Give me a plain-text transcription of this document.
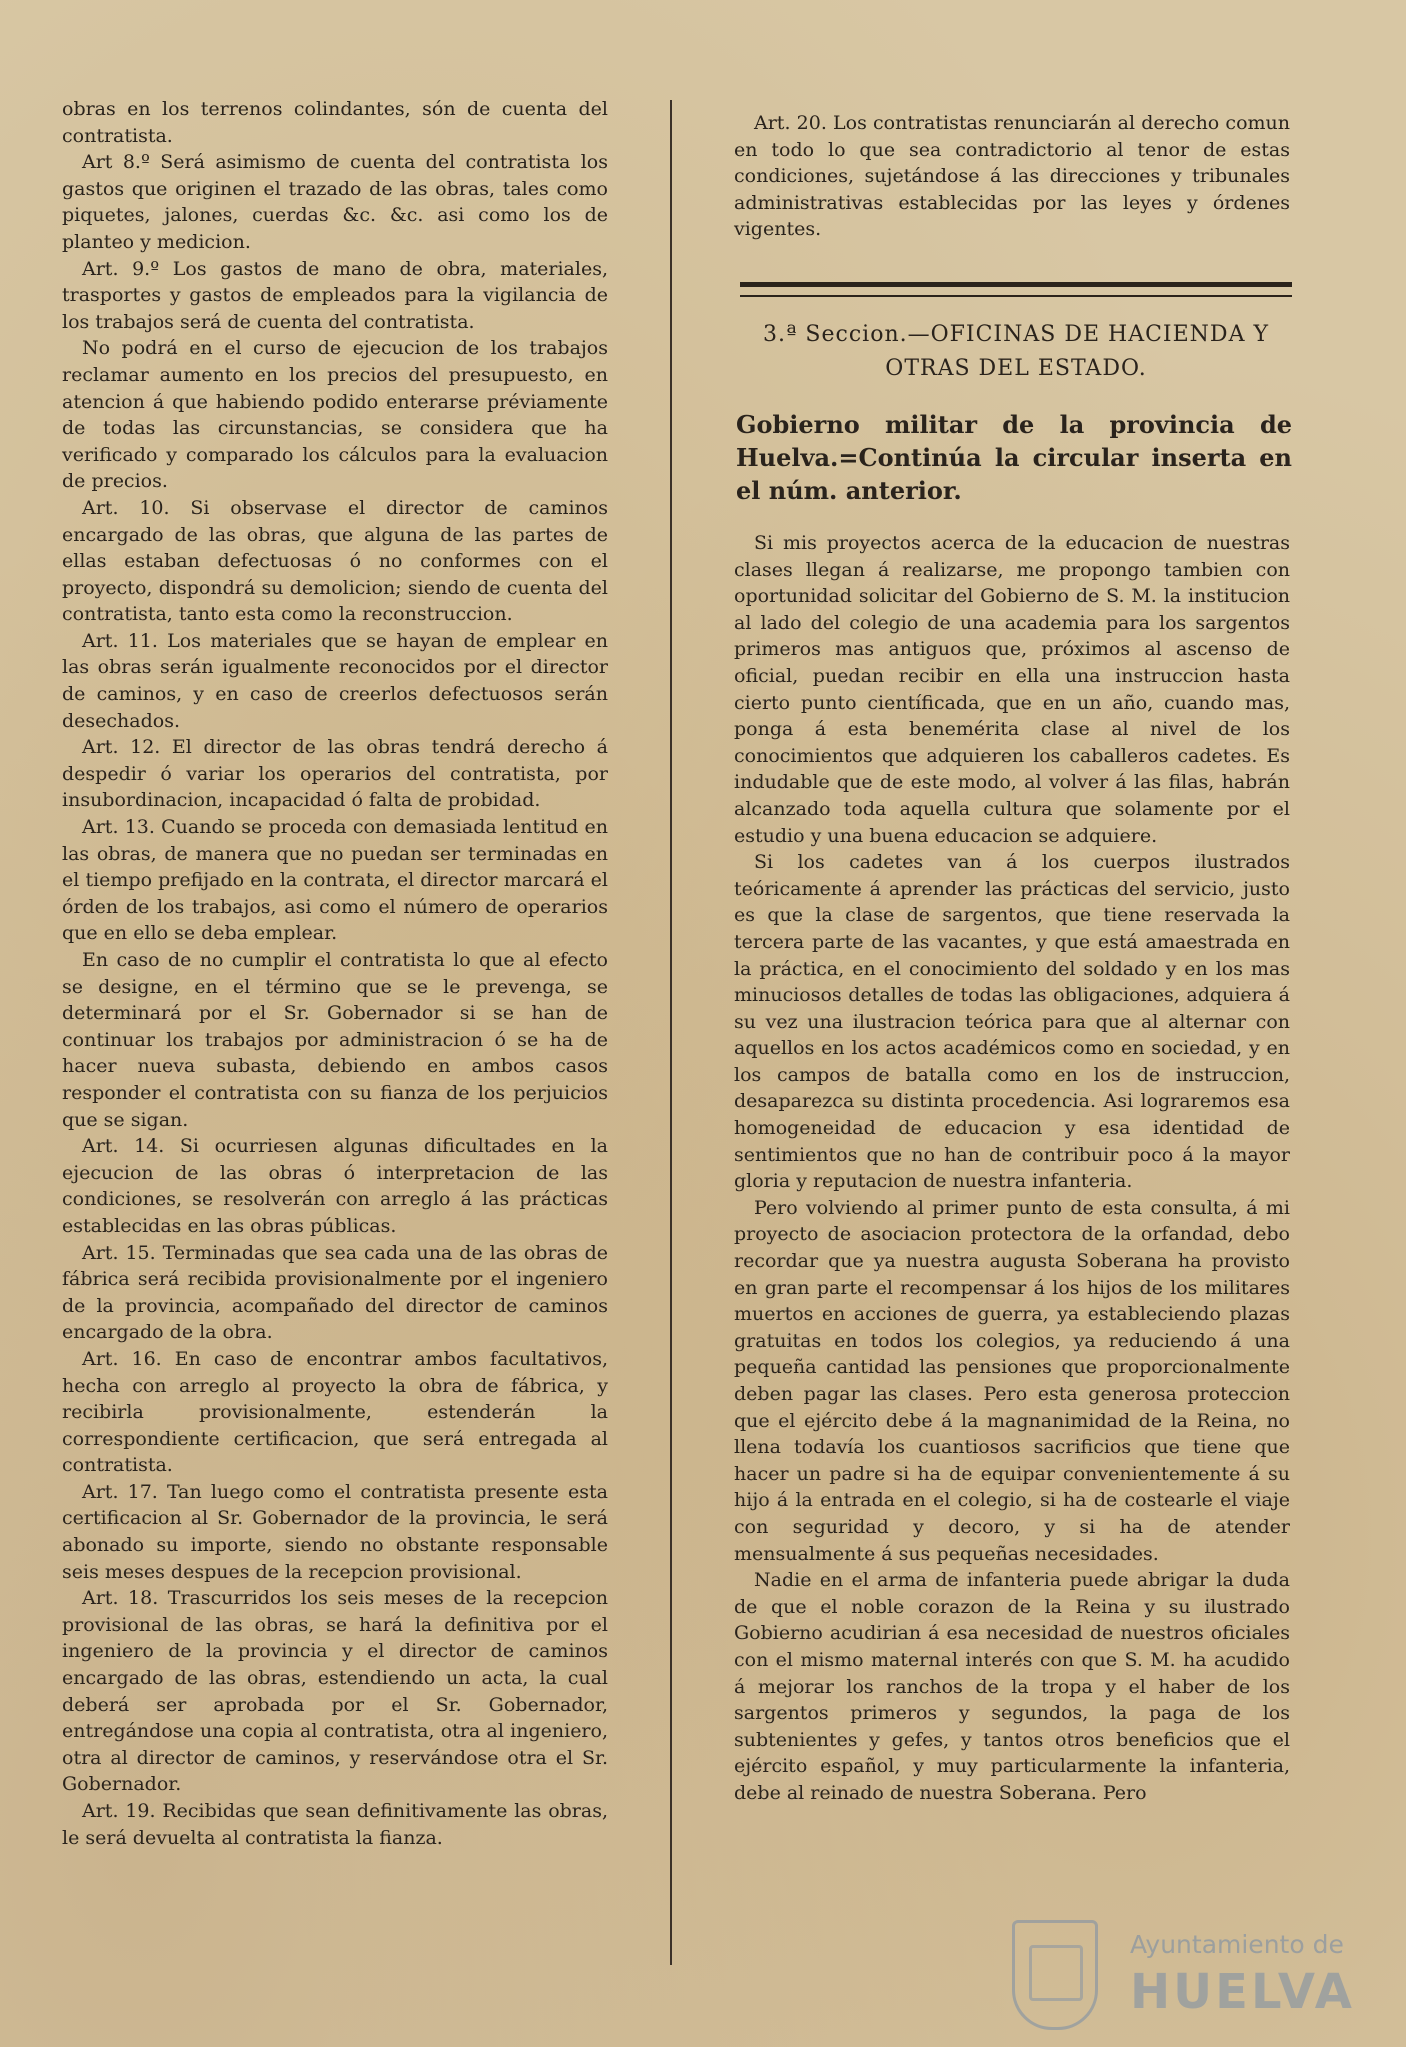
obras en los terrenos colindantes, són de cuenta del contratista.

Art 8.º Será asimismo de cuenta del contratista los gastos que originen el trazado de las obras, tales como piquetes, jalones, cuerdas &c. &c. asi como los de planteo y medicion.

Art. 9.º Los gastos de mano de obra, materiales, trasportes y gastos de empleados para la vigilancia de los trabajos será de cuenta del contratista.

No podrá en el curso de ejecucion de los trabajos reclamar aumento en los precios del presupuesto, en atencion á que habiendo podido enterarse préviamente de todas las circunstancias, se considera que ha verificado y comparado los cálculos para la evaluacion de precios.

Art. 10. Si observase el director de caminos encargado de las obras, que alguna de las partes de ellas estaban defectuosas ó no conformes con el proyecto, dispondrá su demolicion; siendo de cuenta del contratista, tanto esta como la reconstruccion.

Art. 11. Los materiales que se hayan de emplear en las obras serán igualmente reconocidos por el director de caminos, y en caso de creerlos defectuosos serán desechados.

Art. 12. El director de las obras tendrá derecho á despedir ó variar los operarios del contratista, por insubordinacion, incapacidad ó falta de probidad.

Art. 13. Cuando se proceda con demasiada lentitud en las obras, de manera que no puedan ser terminadas en el tiempo prefijado en la contrata, el director marcará el órden de los trabajos, asi como el número de operarios que en ello se deba emplear.

En caso de no cumplir el contratista lo que al efecto se designe, en el término que se le prevenga, se determinará por el Sr. Gobernador si se han de continuar los trabajos por administracion ó se ha de hacer nueva subasta, debiendo en ambos casos responder el contratista con su fianza de los perjuicios que se sigan.

Art. 14. Si ocurriesen algunas dificultades en la ejecucion de las obras ó interpretacion de las condiciones, se resolverán con arreglo á las prácticas establecidas en las obras públicas.

Art. 15. Terminadas que sea cada una de las obras de fábrica será recibida provisionalmente por el ingeniero de la provincia, acompañado del director de caminos encargado de la obra.

Art. 16. En caso de encontrar ambos facultativos, hecha con arreglo al proyecto la obra de fábrica, y recibirla provisionalmente, estenderán la correspondiente certificacion, que será entregada al contratista.

Art. 17. Tan luego como el contratista presente esta certificacion al Sr. Gobernador de la provincia, le será abonado su importe, siendo no obstante responsable seis meses despues de la recepcion provisional.

Art. 18. Trascurridos los seis meses de la recepcion provisional de las obras, se hará la definitiva por el ingeniero de la provincia y el director de caminos encargado de las obras, estendiendo un acta, la cual deberá ser aprobada por el Sr. Gobernador, entregándose una copia al contratista, otra al ingeniero, otra al director de caminos, y reservándose otra el Sr. Gobernador.

Art. 19. Recibidas que sean definitivamente las obras, le será devuelta al contratista la fianza.

Art. 20. Los contratistas renunciarán al derecho comun en todo lo que sea contradictorio al tenor de estas condiciones, sujetándose á las direcciones y tribunales administrativas establecidas por las leyes y órdenes vigentes.

3.ª Seccion.—OFICINAS DE HACIENDA Y OTRAS DEL ESTADO.
Gobierno militar de la provincia de Huelva.=Continúa la circular inserta en el núm. anterior.

Si mis proyectos acerca de la educacion de nuestras clases llegan á realizarse, me propongo tambien con oportunidad solicitar del Gobierno de S. M. la institucion al lado del colegio de una academia para los sargentos primeros mas antiguos que, próximos al ascenso de oficial, puedan recibir en ella una instruccion hasta cierto punto científicada, que en un año, cuando mas, ponga á esta benemérita clase al nivel de los conocimientos que adquieren los caballeros cadetes. Es indudable que de este modo, al volver á las filas, habrán alcanzado toda aquella cultura que solamente por el estudio y una buena educacion se adquiere.

Si los cadetes van á los cuerpos ilustrados teóricamente á aprender las prácticas del servicio, justo es que la clase de sargentos, que tiene reservada la tercera parte de las vacantes, y que está amaestrada en la práctica, en el conocimiento del soldado y en los mas minuciosos detalles de todas las obligaciones, adquiera á su vez una ilustracion teórica para que al alternar con aquellos en los actos académicos como en sociedad, y en los campos de batalla como en los de instruccion, desaparezca su distinta procedencia. Asi lograremos esa homogeneidad de educacion y esa identidad de sentimientos que no han de contribuir poco á la mayor gloria y reputacion de nuestra infanteria.

Pero volviendo al primer punto de esta consulta, á mi proyecto de asociacion protectora de la orfandad, debo recordar que ya nuestra augusta Soberana ha provisto en gran parte el recompensar á los hijos de los militares muertos en acciones de guerra, ya estableciendo plazas gratuitas en todos los colegios, ya reduciendo á una pequeña cantidad las pensiones que proporcionalmente deben pagar las clases. Pero esta generosa proteccion que el ejército debe á la magnanimidad de la Reina, no llena todavía los cuantiosos sacrificios que tiene que hacer un padre si ha de equipar convenientemente á su hijo á la entrada en el colegio, si ha de costearle el viaje con seguridad y decoro, y si ha de atender mensualmente á sus pequeñas necesidades.

Nadie en el arma de infanteria puede abrigar la duda de que el noble corazon de la Reina y su ilustrado Gobierno acudirian á esa necesidad de nuestros oficiales con el mismo maternal interés con que S. M. ha acudido á mejorar los ranchos de la tropa y el haber de los sargentos primeros y segundos, la paga de los subtenientes y gefes, y tantos otros beneficios que el ejército español, y muy particularmente la infanteria, debe al reinado de nuestra Soberana. Pero

Ayuntamiento de
HUELVA
